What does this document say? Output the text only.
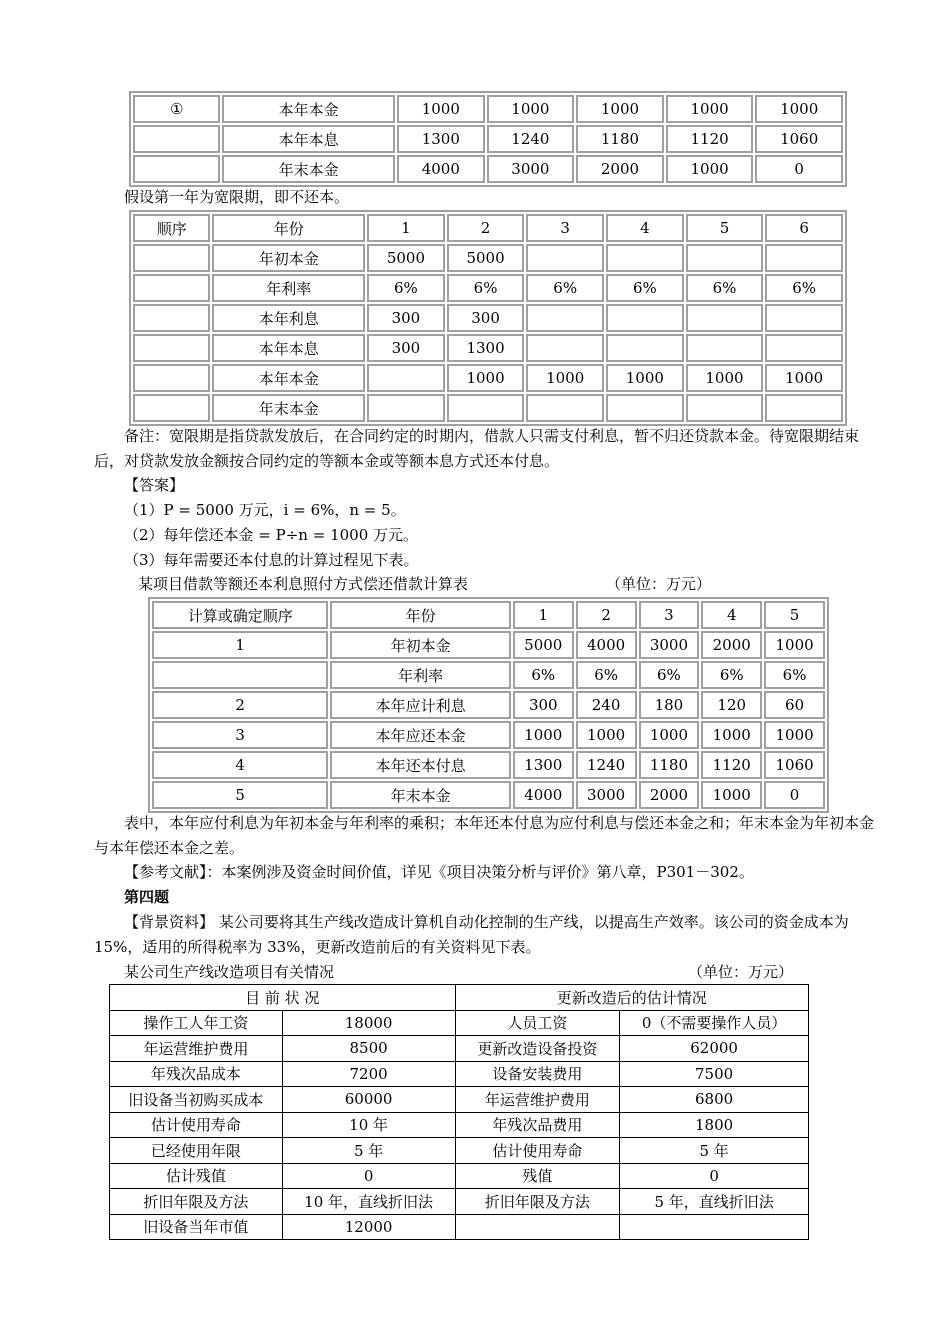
①	本年本金	1000	1000	1000	1000	1000
	本年本息	1300	1240	1180	1120	1060
	年末本金	4000	3000	2000	1000	0
假设第一年为宽限期，即不还本。
顺序	年份	1	2	3	4	5	6
	年初本金	5000	5000				
	年利率	6%	6%	6%	6%	6%	6%
	本年利息	300	300				
	本年本息	300	1300				
	本年本金		1000	1000	1000	1000	1000
	年末本金						
备注：宽限期是指贷款发放后，在合同约定的时期内，借款人只需支付利息，暂不归还贷款本金。待宽限期结束后，对贷款发放金额按合同约定的等额本金或等额本息方式还本付息。
【答案】
（1）P = 5000 万元，i = 6%，n = 5。
（2）每年偿还本金 = P÷n = 1000 万元。
（3）每年需要还本付息的计算过程见下表。
某项目借款等额还本利息照付方式偿还借款计算表	（单位：万元）
计算或确定顺序	年份	1	2	3	4	5
1	年初本金	5000	4000	3000	2000	1000
	年利率	6%	6%	6%	6%	6%
2	本年应计利息	300	240	180	120	60
3	本年应还本金	1000	1000	1000	1000	1000
4	本年还本付息	1300	1240	1180	1120	1060
5	年末本金	4000	3000	2000	1000	0
表中，本年应付利息为年初本金与年利率的乘积；本年还本付息为应付利息与偿还本金之和；年末本金为年初本金与本年偿还本金之差。
【参考文献】：本案例涉及资金时间价值，详见《项目决策分析与评价》第八章，P301－302。
第四题
【背景资料】 某公司要将其生产线改造成计算机自动化控制的生产线，以提高生产效率。该公司的资金成本为 15%，适用的所得税率为 33%，更新改造前后的有关资料见下表。
某公司生产线改造项目有关情况	（单位：万元）
目 前 状 况		更新改造后的估计情况	
操作工人年工资	18000	人员工资	0（不需要操作人员）
年运营维护费用	8500	更新改造设备投资	62000
年残次品成本	7200	设备安装费用	7500
旧设备当初购买成本	60000	年运营维护费用	6800
估计使用寿命	10 年	年残次品费用	1800
已经使用年限	5 年	估计使用寿命	5 年
估计残值	0	残值	0
折旧年限及方法	10 年，直线折旧法	折旧年限及方法	5 年，直线折旧法
旧设备当年市值	12000		
